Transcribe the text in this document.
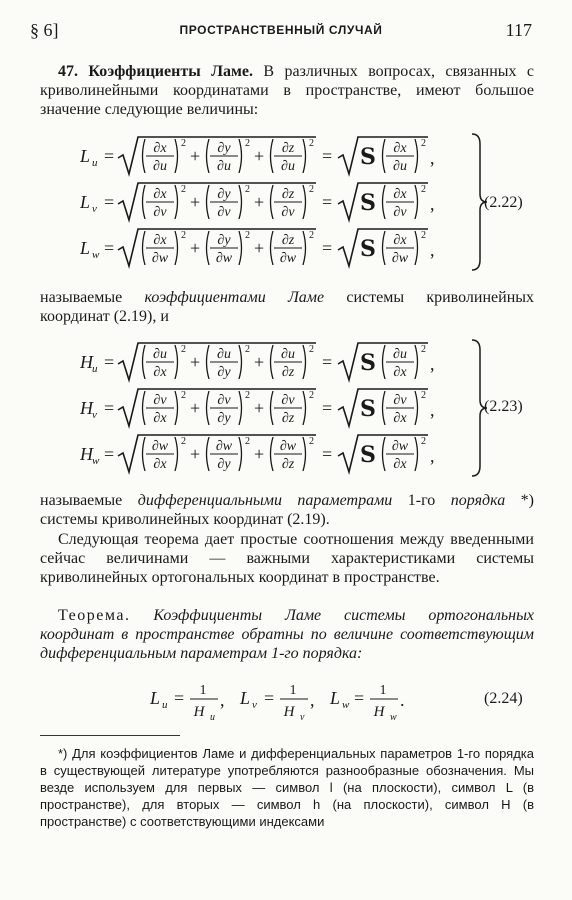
§ 6]	ПРОСТРАНСТВЕННЫЙ СЛУЧАЙ	117
47. Коэффициенты Ламе. В различных вопросах, связанных с криволинейными координатами в пространстве, имеют большое значение следующие величины:
L u =	∂x
∂u
2
+ ∂y
∂u
2
+ ∂z
∂u
2
= S ∂x
∂u
2
,
L v =	∂x
∂v
2
+ ∂y
∂v
2
+ ∂z
∂v
2
= S ∂x
∂v
2
,
L w =	∂x
∂w
2
+ ∂y
∂w
2
+ ∂z
∂w
2
= S ∂x
∂w
2
,
(2.22)
называемые коэффициентами Ламе системы криволинейных координат (2.19), и
H u =	∂u
∂x
2
+ ∂u
∂y
2
+ ∂u
∂z
2
= S ∂u
∂x
2
,
H v =	∂v
∂x
2
+ ∂v
∂y
2
+ ∂v
∂z
2
= S ∂v
∂x
2
,
H w =	∂w
∂x
2
+ ∂w
∂y
2
+ ∂w
∂z
2
= S ∂w
∂x
2
,
(2.23)
называемые дифференциальными параметрами 1-го порядка *) системы криволинейных координат (2.19).
Следующая теорема дает простые соотношения между введенными сейчас величинами — важными характеристиками системы криволинейных ортогональных координат в пространстве.
Теорема. Коэффициенты Ламе системы ортогональных координат в пространстве обратны по величине соответствующим дифференциальным параметрам 1-го порядка:
L u = 1
H u
, L v = 1
H v
, L w = 1
H w
.	(2.24)
*) Для коэффициентов Ламе и дифференциальных параметров 1-го порядка в существующей литературе употребляются разнообразные обозначения. Мы везде используем для первых — символ l (на плоскости), символ L (в пространстве), для вторых — символ h (на плоскости), символ H (в пространстве) с соответствующими индексами
